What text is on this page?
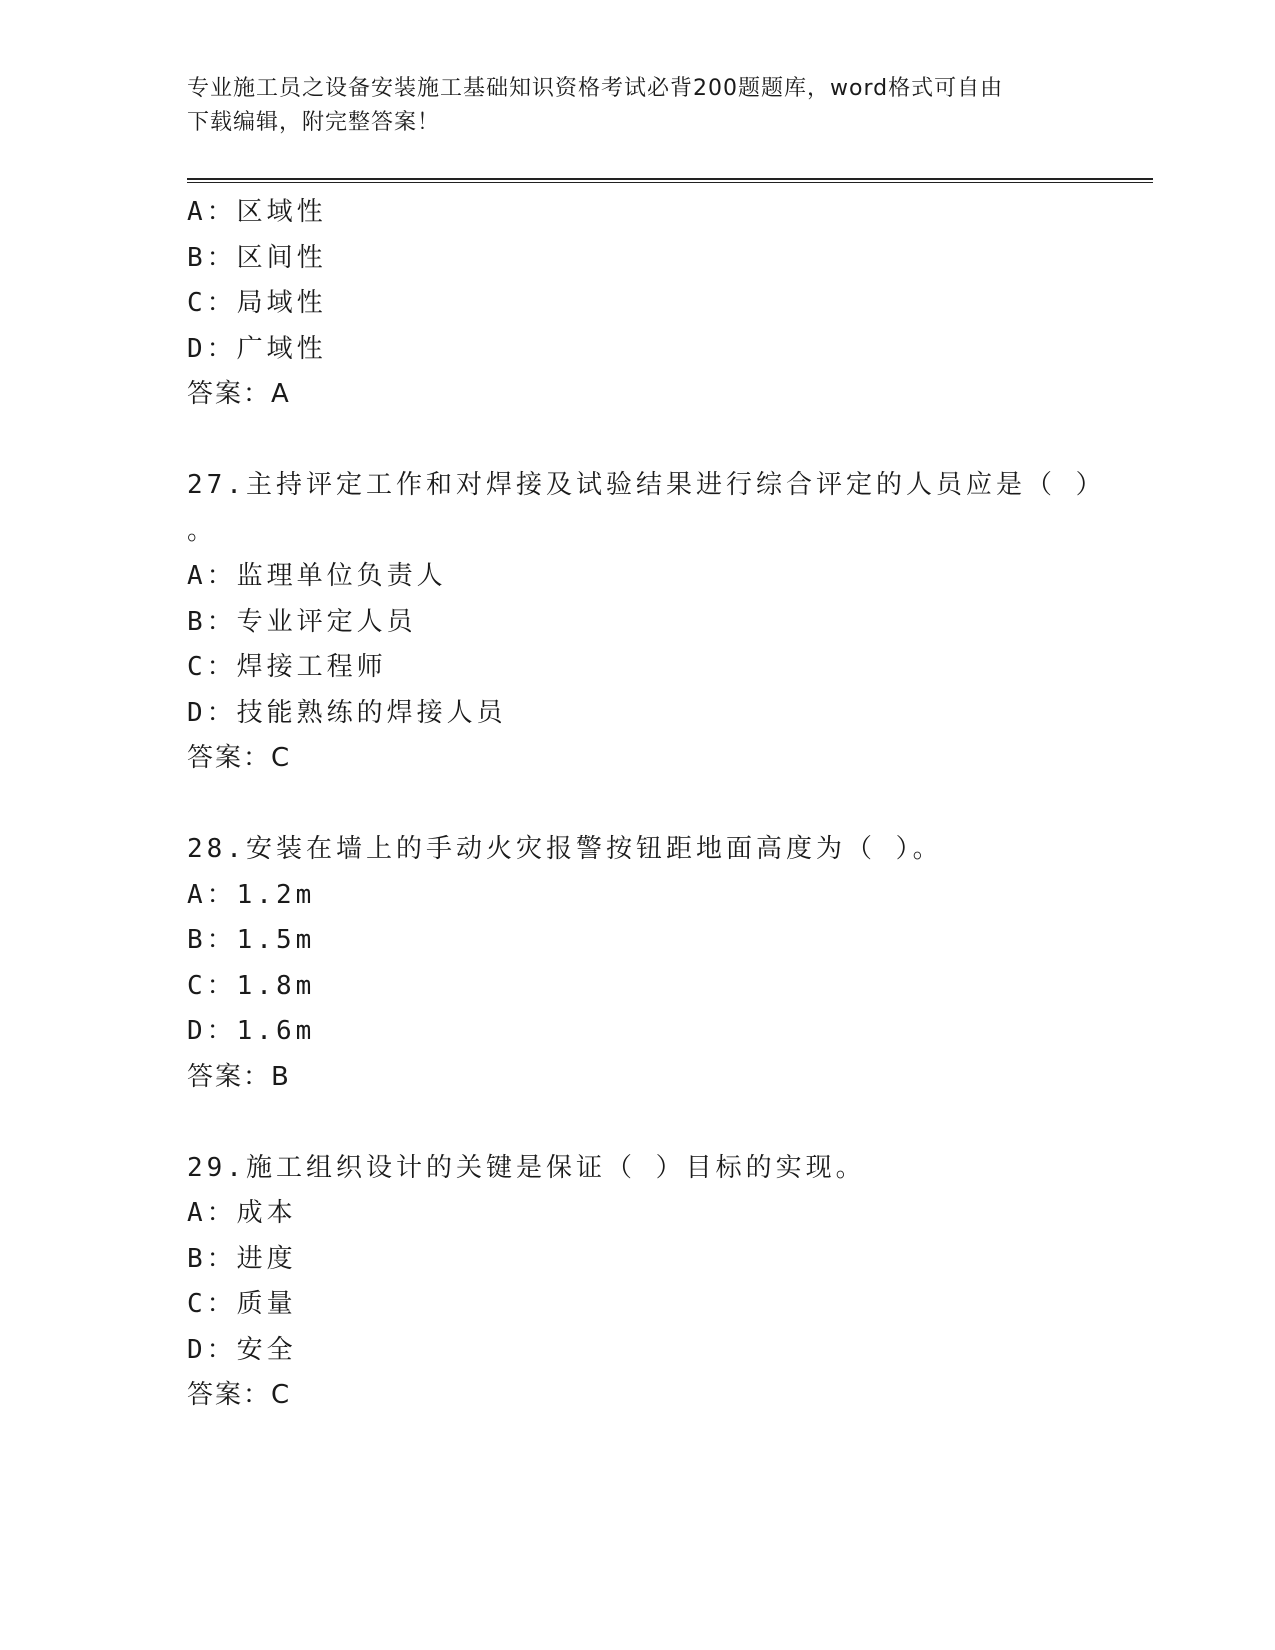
专业施工员之设备安装施工基础知识资格考试必背200题题库，word格式可自由
下载编辑，附完整答案！
A：区域性
B：区间性
C：局域性
D：广域性
答案：A
27.主持评定工作和对焊接及试验结果进行综合评定的人员应是（ ）
。
A：监理单位负责人
B：专业评定人员
C：焊接工程师
D：技能熟练的焊接人员
答案：C
28.安装在墙上的手动火灾报警按钮距地面高度为（ ）。
A：1.2m
B：1.5m
C：1.8m
D：1.6m
答案：B
29.施工组织设计的关键是保证（ ）目标的实现。
A：成本
B：进度
C：质量
D：安全
答案：C
